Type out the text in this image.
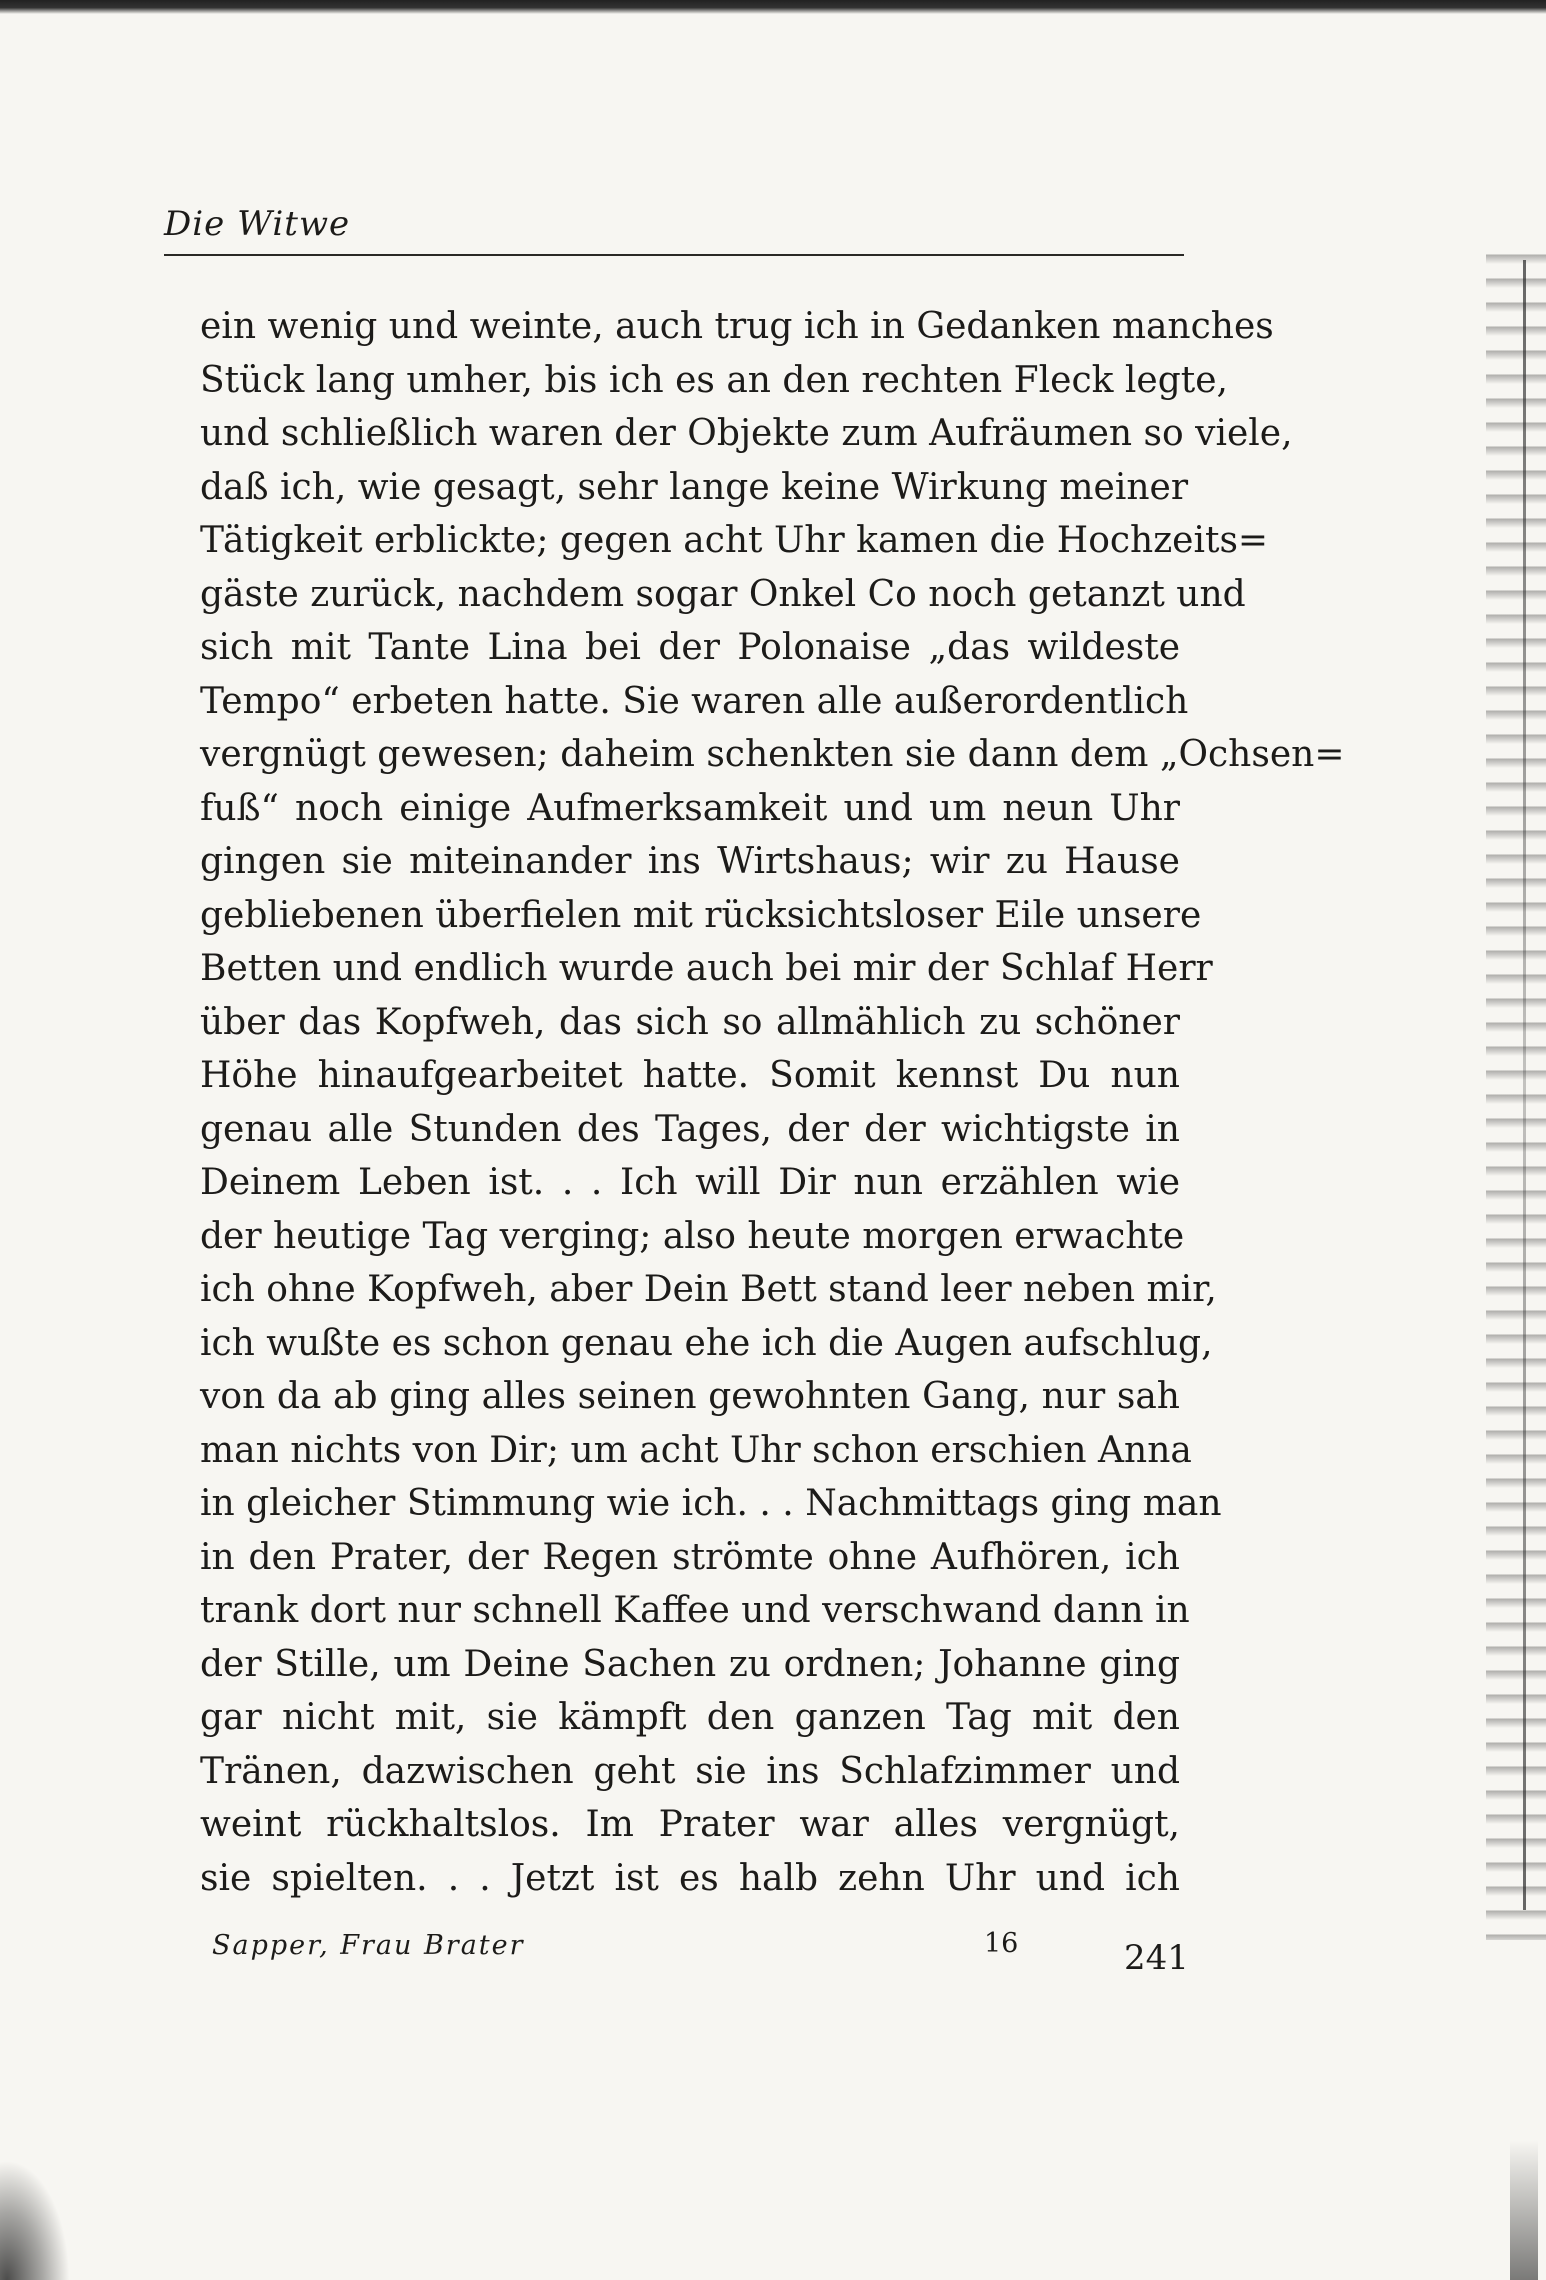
Die Witwe
ein wenig und weinte, auch trug ich in Gedanken manches
Stück lang umher, bis ich es an den rechten Fleck legte,
und schließlich waren der Objekte zum Aufräumen so viele,
daß ich, wie gesagt, sehr lange keine Wirkung meiner
Tätigkeit erblickte; gegen acht Uhr kamen die Hochzeits=
gäste zurück, nachdem sogar Onkel Co noch getanzt und
sich mit Tante Lina bei der Polonaise „das wildeste
Tempo“ erbeten hatte. Sie waren alle außerordentlich
vergnügt gewesen; daheim schenkten sie dann dem „Ochsen=
fuß“ noch einige Aufmerksamkeit und um neun Uhr
gingen sie miteinander ins Wirtshaus; wir zu Hause
gebliebenen überfielen mit rücksichtsloser Eile unsere
Betten und endlich wurde auch bei mir der Schlaf Herr
über das Kopfweh, das sich so allmählich zu schöner
Höhe hinaufgearbeitet hatte. Somit kennst Du nun
genau alle Stunden des Tages, der der wichtigste in
Deinem Leben ist. . . Ich will Dir nun erzählen wie
der heutige Tag verging; also heute morgen erwachte
ich ohne Kopfweh, aber Dein Bett stand leer neben mir,
ich wußte es schon genau ehe ich die Augen aufschlug,
von da ab ging alles seinen gewohnten Gang, nur sah
man nichts von Dir; um acht Uhr schon erschien Anna
in gleicher Stimmung wie ich. . . Nachmittags ging man
in den Prater, der Regen strömte ohne Aufhören, ich
trank dort nur schnell Kaffee und verschwand dann in
der Stille, um Deine Sachen zu ordnen; Johanne ging
gar nicht mit, sie kämpft den ganzen Tag mit den
Tränen, dazwischen geht sie ins Schlafzimmer und
weint rückhaltslos. Im Prater war alles vergnügt,
sie spielten. . . Jetzt ist es halb zehn Uhr und ich
Sapper, Frau Brater	16	241
